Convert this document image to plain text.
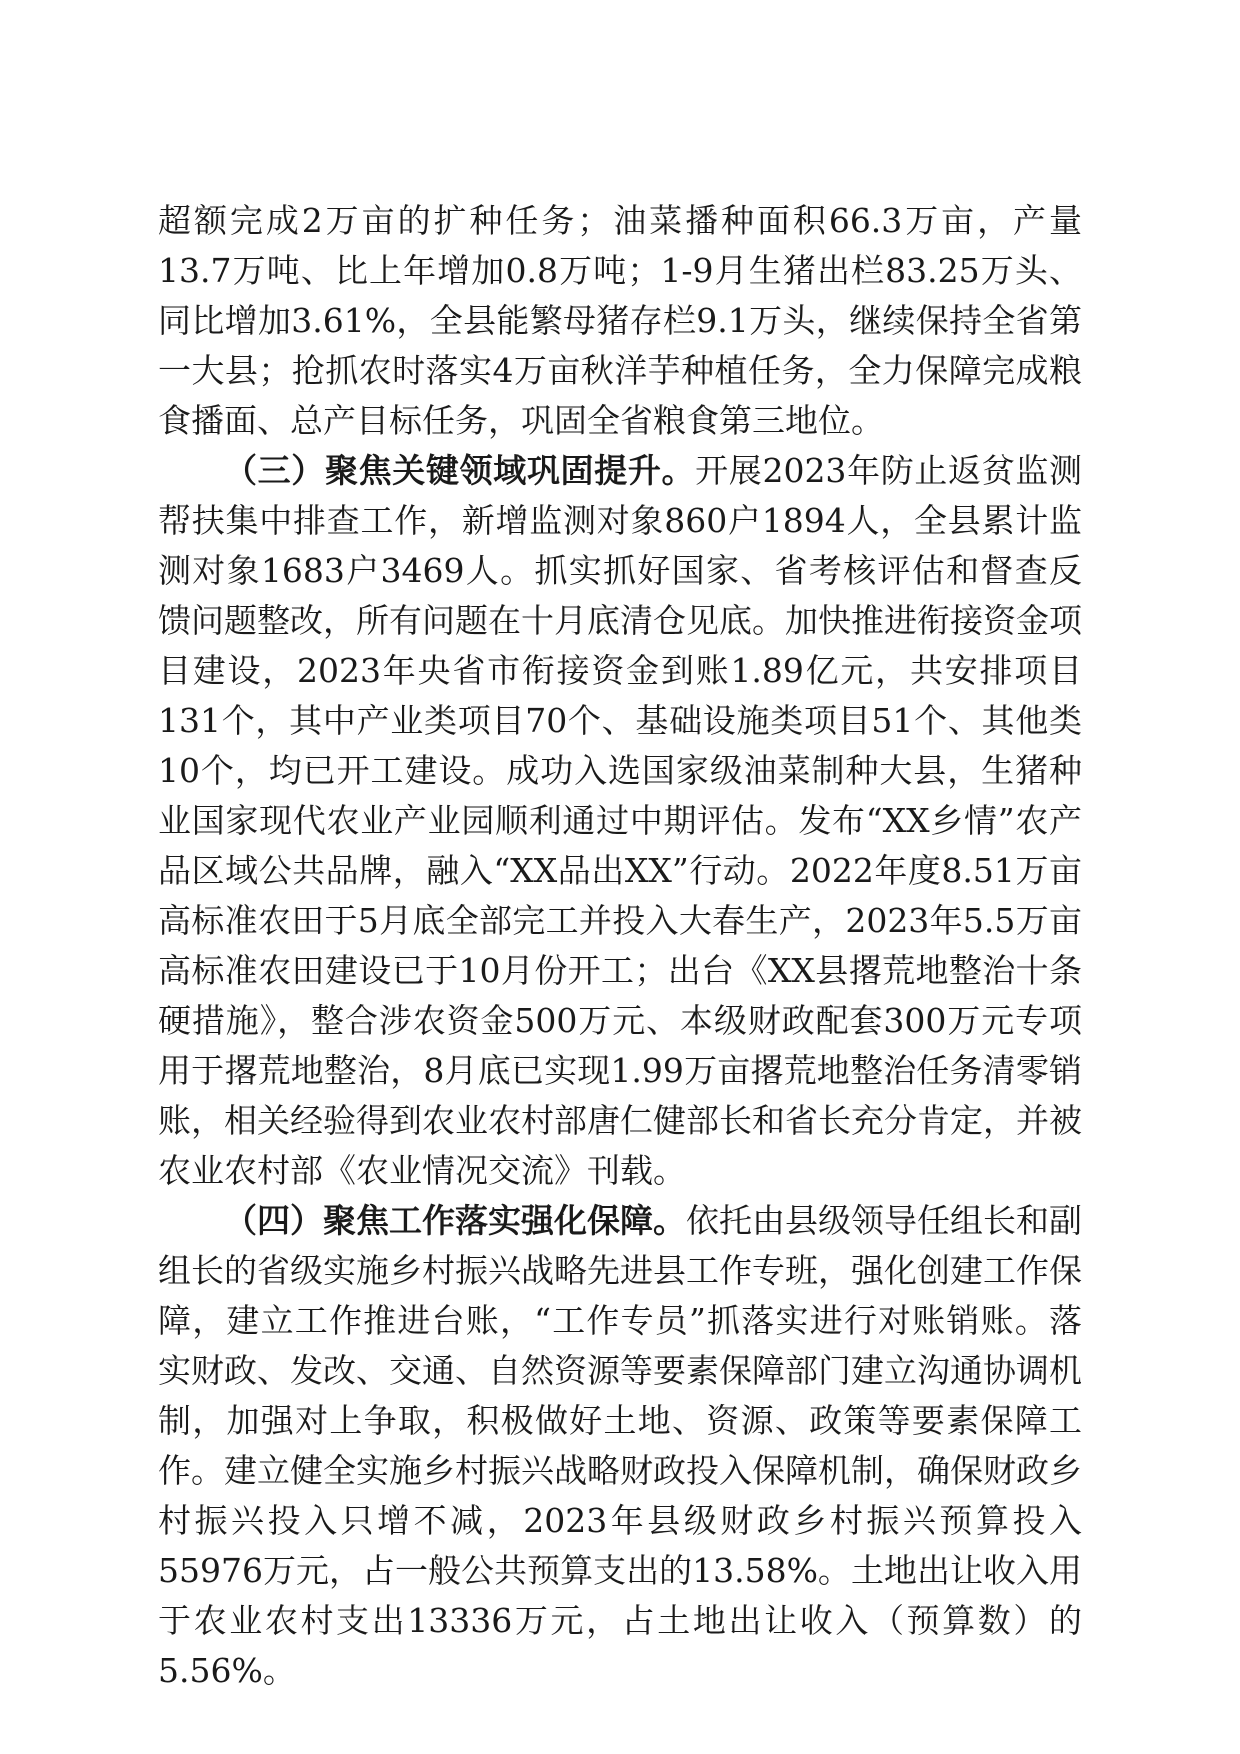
超额完成2万亩的扩种任务；油菜播种面积66.3万亩，产量13.7万吨、比上年增加0.8万吨；1-9月生猪出栏83.25万头、同比增加3.61%，全县能繁母猪存栏9.1万头，继续保持全省第一大县；抢抓农时落实4万亩秋洋芋种植任务，全力保障完成粮食播面、总产目标任务，巩固全省粮食第三地位。

（三）聚焦关键领域巩固提升。开展2023年防止返贫监测帮扶集中排查工作，新增监测对象860户1894人，全县累计监测对象1683户3469人。抓实抓好国家、省考核评估和督查反馈问题整改，所有问题在十月底清仓见底。加快推进衔接资金项目建设，2023年央省市衔接资金到账1.89亿元，共安排项目131个，其中产业类项目70个、基础设施类项目51个、其他类10个，均已开工建设。成功入选国家级油菜制种大县，生猪种业国家现代农业产业园顺利通过中期评估。发布“XX乡情”农产品区域公共品牌，融入“XX品出XX”行动。2022年度8.51万亩高标准农田于5月底全部完工并投入大春生产，2023年5.5万亩高标准农田建设已于10月份开工；出台《XX县撂荒地整治十条硬措施》，整合涉农资金500万元、本级财政配套300万元专项用于撂荒地整治，8月底已实现1.99万亩撂荒地整治任务清零销账，相关经验得到农业农村部唐仁健部长和省长充分肯定，并被农业农村部《农业情况交流》刊载。

（四）聚焦工作落实强化保障。依托由县级领导任组长和副组长的省级实施乡村振兴战略先进县工作专班，强化创建工作保障，建立工作推进台账，“工作专员”抓落实进行对账销账。落实财政、发改、交通、自然资源等要素保障部门建立沟通协调机制，加强对上争取，积极做好土地、资源、政策等要素保障工作。建立健全实施乡村振兴战略财政投入保障机制，确保财政乡村振兴投入只增不减，2023年县级财政乡村振兴预算投入55976万元，占一般公共预算支出的13.58%。土地出让收入用于农业农村支出13336万元，占土地出让收入（预算数）的5.56%。
